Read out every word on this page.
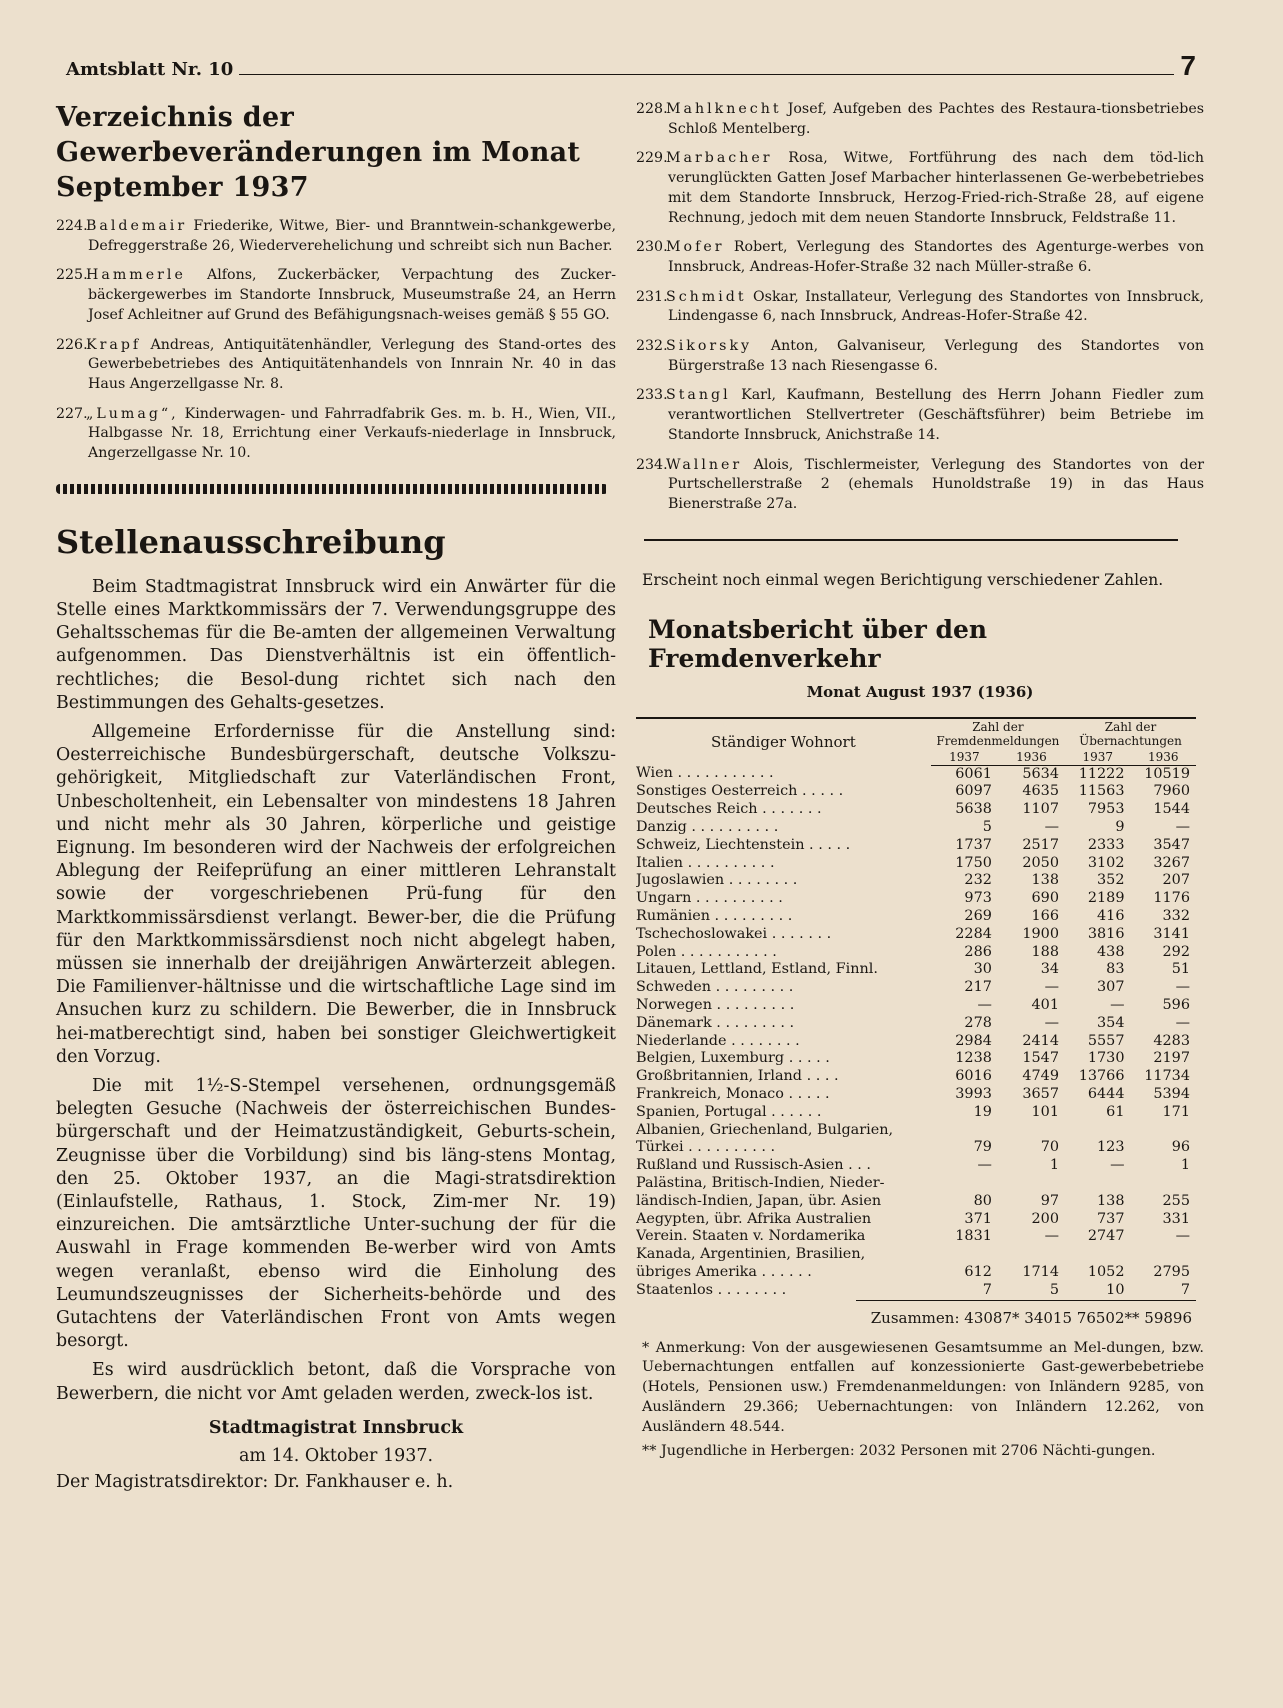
Amtsblatt Nr. 10	7
Verzeichnis der Gewerbeveränderungen im Monat September 1937
224.Baldemair Friederike, Witwe, Bier- und Branntwein-schankgewerbe, Defreggerstraße 26, Wiederverehelichung und schreibt sich nun Bacher.
225.Hammerle Alfons, Zuckerbäcker, Verpachtung des Zucker-bäckergewerbes im Standorte Innsbruck, Museumstraße 24, an Herrn Josef Achleitner auf Grund des Befähigungsnach-weises gemäß § 55 GO.
226.Krapf Andreas, Antiquitätenhändler, Verlegung des Stand-ortes des Gewerbebetriebes des Antiquitätenhandels von Innrain Nr. 40 in das Haus Angerzellgasse Nr. 8.
227.„Lumag“, Kinderwagen- und Fahrradfabrik Ges. m. b. H., Wien, VII., Halbgasse Nr. 18, Errichtung einer Verkaufs-niederlage in Innsbruck, Angerzellgasse Nr. 10.
Stellenausschreibung

Beim Stadtmagistrat Innsbruck wird ein Anwärter für die Stelle eines Marktkommissärs der 7. Verwendungsgruppe des Gehaltsschemas für die Be-amten der allgemeinen Verwaltung aufgenommen. Das Dienstverhältnis ist ein öffentlich-rechtliches; die Besol-dung richtet sich nach den Bestimmungen des Gehalts-gesetzes.

Allgemeine Erfordernisse für die Anstellung sind: Oesterreichische Bundesbürgerschaft, deutsche Volkszu-gehörigkeit, Mitgliedschaft zur Vaterländischen Front, Unbescholtenheit, ein Lebensalter von mindestens 18 Jahren und nicht mehr als 30 Jahren, körperliche und geistige Eignung. Im besonderen wird der Nachweis der erfolgreichen Ablegung der Reifeprüfung an einer mittleren Lehranstalt sowie der vorgeschriebenen Prü-fung für den Marktkommissärsdienst verlangt. Bewer-ber, die die Prüfung für den Marktkommissärsdienst noch nicht abgelegt haben, müssen sie innerhalb der dreijährigen Anwärterzeit ablegen. Die Familienver-hältnisse und die wirtschaftliche Lage sind im Ansuchen kurz zu schildern. Die Bewerber, die in Innsbruck hei-matberechtigt sind, haben bei sonstiger Gleichwertigkeit den Vorzug.

Die mit 1½-S-Stempel versehenen, ordnungsgemäß belegten Gesuche (Nachweis der österreichischen Bundes-bürgerschaft und der Heimatzuständigkeit, Geburts-schein, Zeugnisse über die Vorbildung) sind bis läng-stens Montag, den 25. Oktober 1937, an die Magi-stratsdirektion (Einlaufstelle, Rathaus, 1. Stock, Zim-mer Nr. 19) einzureichen. Die amtsärztliche Unter-suchung der für die Auswahl in Frage kommenden Be-werber wird von Amts wegen veranlaßt, ebenso wird die Einholung des Leumundszeugnisses der Sicherheits-behörde und des Gutachtens der Vaterländischen Front von Amts wegen besorgt.

Es wird ausdrücklich betont, daß die Vorsprache von Bewerbern, die nicht vor Amt geladen werden, zweck-los ist.

Stadtmagistrat Innsbruck
am 14. Oktober 1937.
Der Magistratsdirektor: Dr. Fankhauser e. h.
228.Mahlknecht Josef, Aufgeben des Pachtes des Restaura-tionsbetriebes Schloß Mentelberg.
229.Marbacher Rosa, Witwe, Fortführung des nach dem töd-lich verunglückten Gatten Josef Marbacher hinterlassenen Ge-werbebetriebes mit dem Standorte Innsbruck, Herzog-Fried-rich-Straße 28, auf eigene Rechnung, jedoch mit dem neuen Standorte Innsbruck, Feldstraße 11.
230.Mofer Robert, Verlegung des Standortes des Agenturge-werbes von Innsbruck, Andreas-Hofer-Straße 32 nach Müller-straße 6.
231.Schmidt Oskar, Installateur, Verlegung des Standortes von Innsbruck, Lindengasse 6, nach Innsbruck, Andreas-Hofer-Straße 42.
232.Sikorsky Anton, Galvaniseur, Verlegung des Standortes von Bürgerstraße 13 nach Riesengasse 6.
233.Stangl Karl, Kaufmann, Bestellung des Herrn Johann Fiedler zum verantwortlichen Stellvertreter (Geschäftsführer) beim Betriebe im Standorte Innsbruck, Anichstraße 14.
234.Wallner Alois, Tischlermeister, Verlegung des Standortes von der Purtschellerstraße 2 (ehemals Hunoldstraße 19) in das Haus Bienerstraße 27a.
Erscheint noch einmal wegen Berichtigung verschiedener Zahlen.
Monatsbericht über den Fremdenverkehr
Monat August 1937 (1936)
Ständiger Wohnort	Zahl der Fremdenmeldungen		Zahl der Übernachtungen	
	1937	1936	1937	1936
Wien . . . . . . . . . . .	6061	5634	11222	10519
Sonstiges Oesterreich . . . . .	6097	4635	11563	7960
Deutsches Reich . . . . . . .	5638	1107	7953	1544
Danzig . . . . . . . . . .	5	—	9	—
Schweiz, Liechtenstein . . . . .	1737	2517	2333	3547
Italien . . . . . . . . . .	1750	2050	3102	3267
Jugoslawien . . . . . . . .	232	138	352	207
Ungarn . . . . . . . . . .	973	690	2189	1176
Rumänien . . . . . . . . .	269	166	416	332
Tschechoslowakei . . . . . . .	2284	1900	3816	3141
Polen . . . . . . . . . . .	286	188	438	292
Litauen, Lettland, Estland, Finnl.	30	34	83	51
Schweden . . . . . . . . .	217	—	307	—
Norwegen . . . . . . . . .	—	401	—	596
Dänemark . . . . . . . . .	278	—	354	—
Niederlande . . . . . . . .	2984	2414	5557	4283
Belgien, Luxemburg . . . . .	1238	1547	1730	2197
Großbritannien, Irland . . . .	6016	4749	13766	11734
Frankreich, Monaco . . . . .	3993	3657	6444	5394
Spanien, Portugal . . . . . .	19	101	61	171
Albanien, Griechenland, Bulgarien,				
Türkei . . . . . . . . . .	79	70	123	96
Rußland und Russisch-Asien . . .	—	1	—	1
Palästina, Britisch-Indien, Nieder-				
ländisch-Indien, Japan, übr. Asien	80	97	138	255
Aegypten, übr. Afrika Australien	371	200	737	331
Verein. Staaten v. Nordamerika	1831	—	2747	—
Kanada, Argentinien, Brasilien,				
übriges Amerika . . . . . .	612	1714	1052	2795
Staatenlos . . . . . . . .	7	5	10	7
Zusammen: 43087* 34015 76502** 59896
* Anmerkung: Von der ausgewiesenen Gesamtsumme an Mel-dungen, bzw. Uebernachtungen entfallen auf konzessionierte Gast-gewerbebetriebe (Hotels, Pensionen usw.) Fremdenanmeldungen: von Inländern 9285, von Ausländern 29.366; Uebernachtungen: von Inländern 12.262, von Ausländern 48.544.
** Jugendliche in Herbergen: 2032 Personen mit 2706 Nächti-gungen.
